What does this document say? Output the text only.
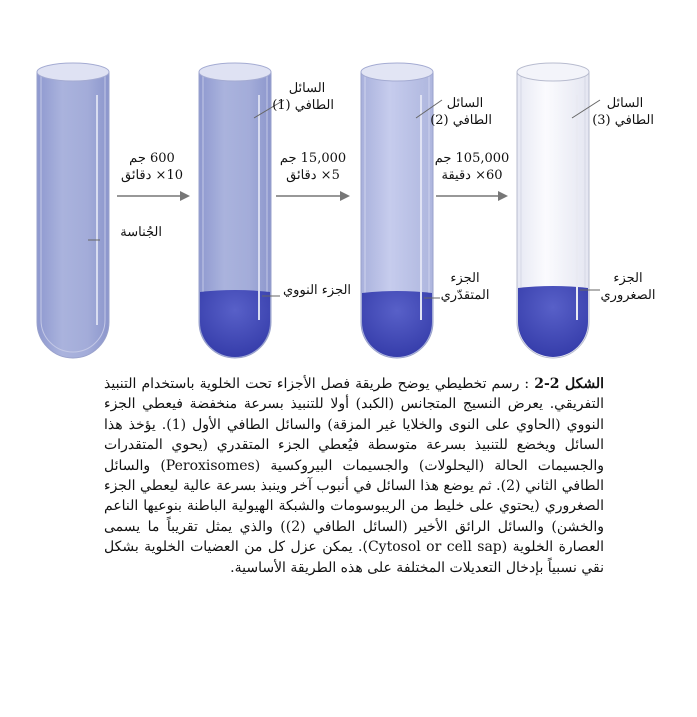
الجُناسة
600 جم
10× دقائق
15,000 جم
5× دقائق
105,000 جم
60× دقيقة
السائل
الطافي (1)	السائل
الطافي (2)
السائل
الطافي (3)
الجزء النووي
الجزء
المتقدّري
الجزء
الصغروري
الشكل 2-2 : رسم تخطيطي يوضح طريقة فصل الأجزاء تحت الخلوية باستخدام التنبيذ التفريقي. يعرض النسيج المتجانس (الكبد) أولا للتنبيذ بسرعة منخفضة فيعطي الجزء النووي (الحاوي على النوى والخلايا غير المزقة) والسائل الطافي الأول (1). يؤخذ هذا السائل ويخضع للتنبيذ بسرعة متوسطة فيُعطي الجزء المتقدري (يحوي المتقدرات والجسيمات الحالة (اليحلولات) والجسيمات البيروكسية (Peroxisomes) والسائل الطافي الثاني (2). ثم يوضع هذا السائل في أنبوب آخر وينبذ بسرعة عالية ليعطي الجزء الصغروري (يحتوي على خليط من الريبوسومات والشبكة الهيولية الباطنة بنوعيها الناعم والخشن) والسائل الرائق الأخير (السائل الطافي (2)) والذي يمثل تقريباً ما يسمى العصارة الخلوية (Cytosol or cell sap). يمكن عزل كل من العضيات الخلوية بشكل نقي نسبياً بإدخال التعديلات المختلفة على هذه الطريقة الأساسية.
